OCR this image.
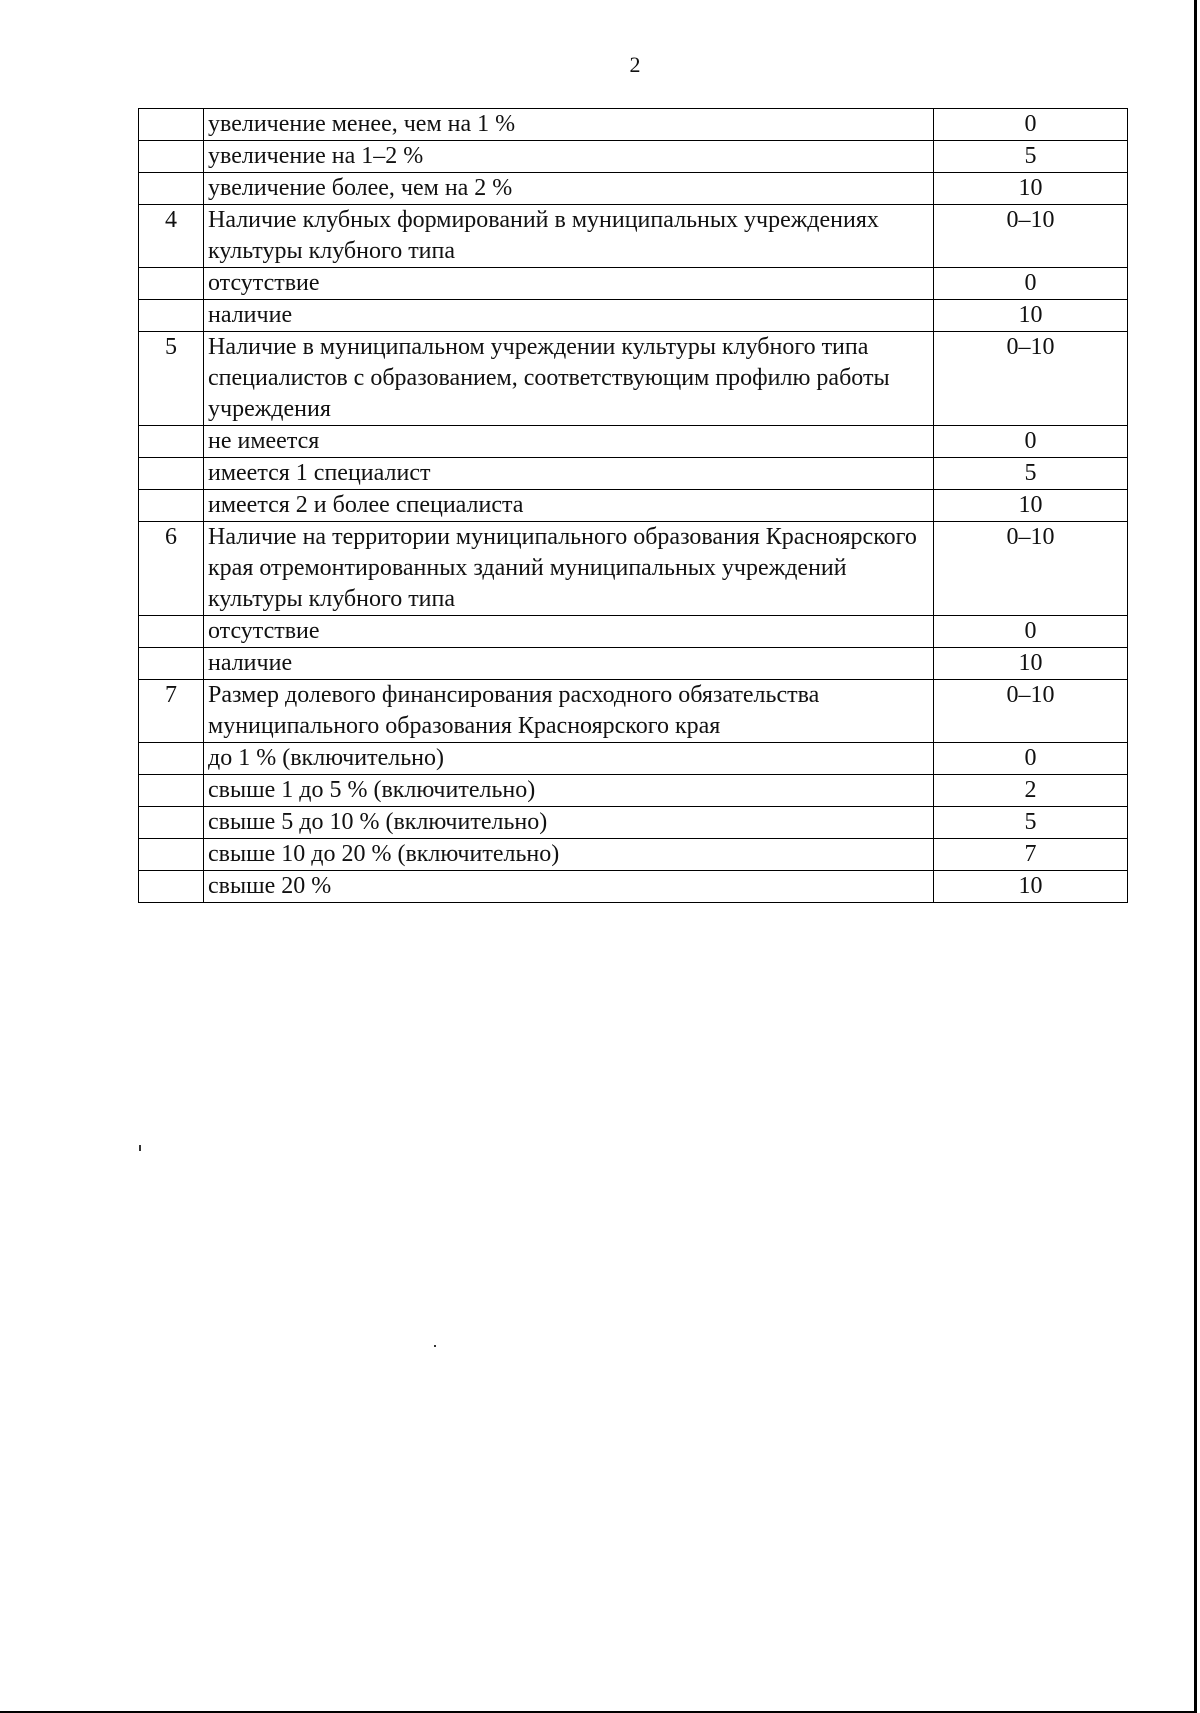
2
	увеличение менее, чем на 1 %	0
	увеличение на 1–2 %	5
	увеличение более, чем на 2 %	10
4	Наличие клубных формирований в муниципальных учреждениях культуры клубного типа	0–10
	отсутствие	0
	наличие	10
5	Наличие в муниципальном учреждении культуры клубного типа специалистов с образованием, соответствующим профилю работы учреждения	0–10
	не имеется	0
	имеется 1 специалист	5
	имеется 2 и более специалиста	10
6	Наличие на территории муниципального образования Красноярского края отремонтированных зданий муниципальных учреждений культуры клубного типа	0–10
	отсутствие	0
	наличие	10
7	Размер долевого финансирования расходного обязательства муниципального образования Красноярского края	0–10
	до 1 % (включительно)	0
	свыше 1 до 5 % (включительно)	2
	свыше 5 до 10 % (включительно)	5
	свыше 10 до 20 % (включительно)	7
	свыше 20 %	10
